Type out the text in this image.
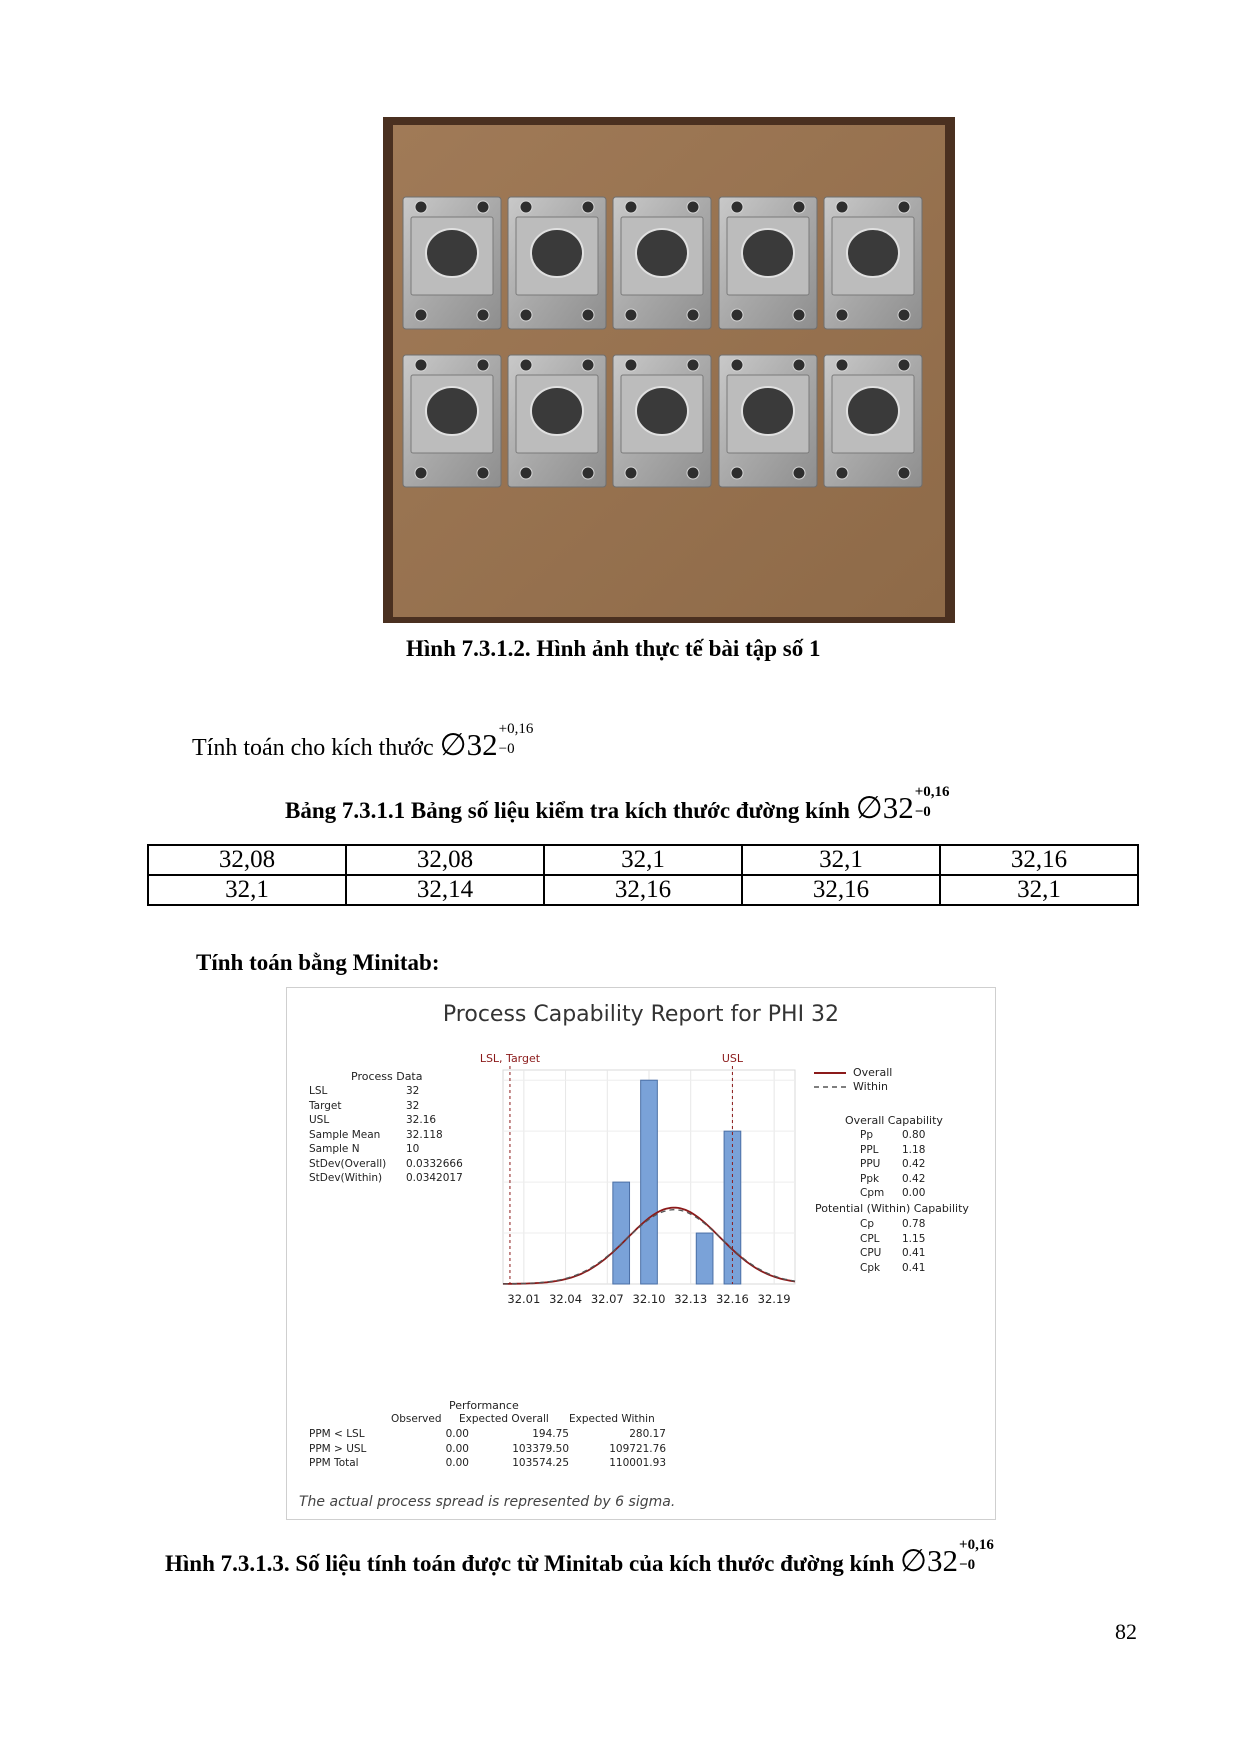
Hình 7.3.1.2. Hình ảnh thực tế bài tập số 1
Tính toán cho kích thước ∅32 +0,16
−0
Bảng 7.3.1.1 Bảng số liệu kiểm tra kích thước đường kính ∅32 +0,16
−0
32,08	32,08	32,1	32,1	32,16
32,1	32,14	32,16	32,16	32,1
Tính toán bằng Minitab:
Process Capability Report for PHI 32
Process Data
LSL	32
Target	32
USL	32.16
Sample Mean	32.118
Sample N	10
StDev(Overall)	0.0332666
StDev(Within)	0.0342017
LSL, Target	USL
32.01 32.04 32.07 32.10 32.13 32.16 32.19
Overall
Within
Overall Capability
Pp	0.80
PPL	1.18
PPU	0.42
Ppk	0.42
Cpm	0.00
Potential (Within) Capability
Cp	0.78
CPL	1.15
CPU	0.41
Cpk	0.41
Performance
Observed Expected Overall Expected Within
PPM < LSL	0.00	194.75	280.17
PPM > USL	0.00	103379.50	109721.76
PPM Total	0.00	103574.25	110001.93
The actual process spread is represented by 6 sigma.
Hình 7.3.1.3. Số liệu tính toán được từ Minitab của kích thước đường kính ∅32 +0,16
−0
82
